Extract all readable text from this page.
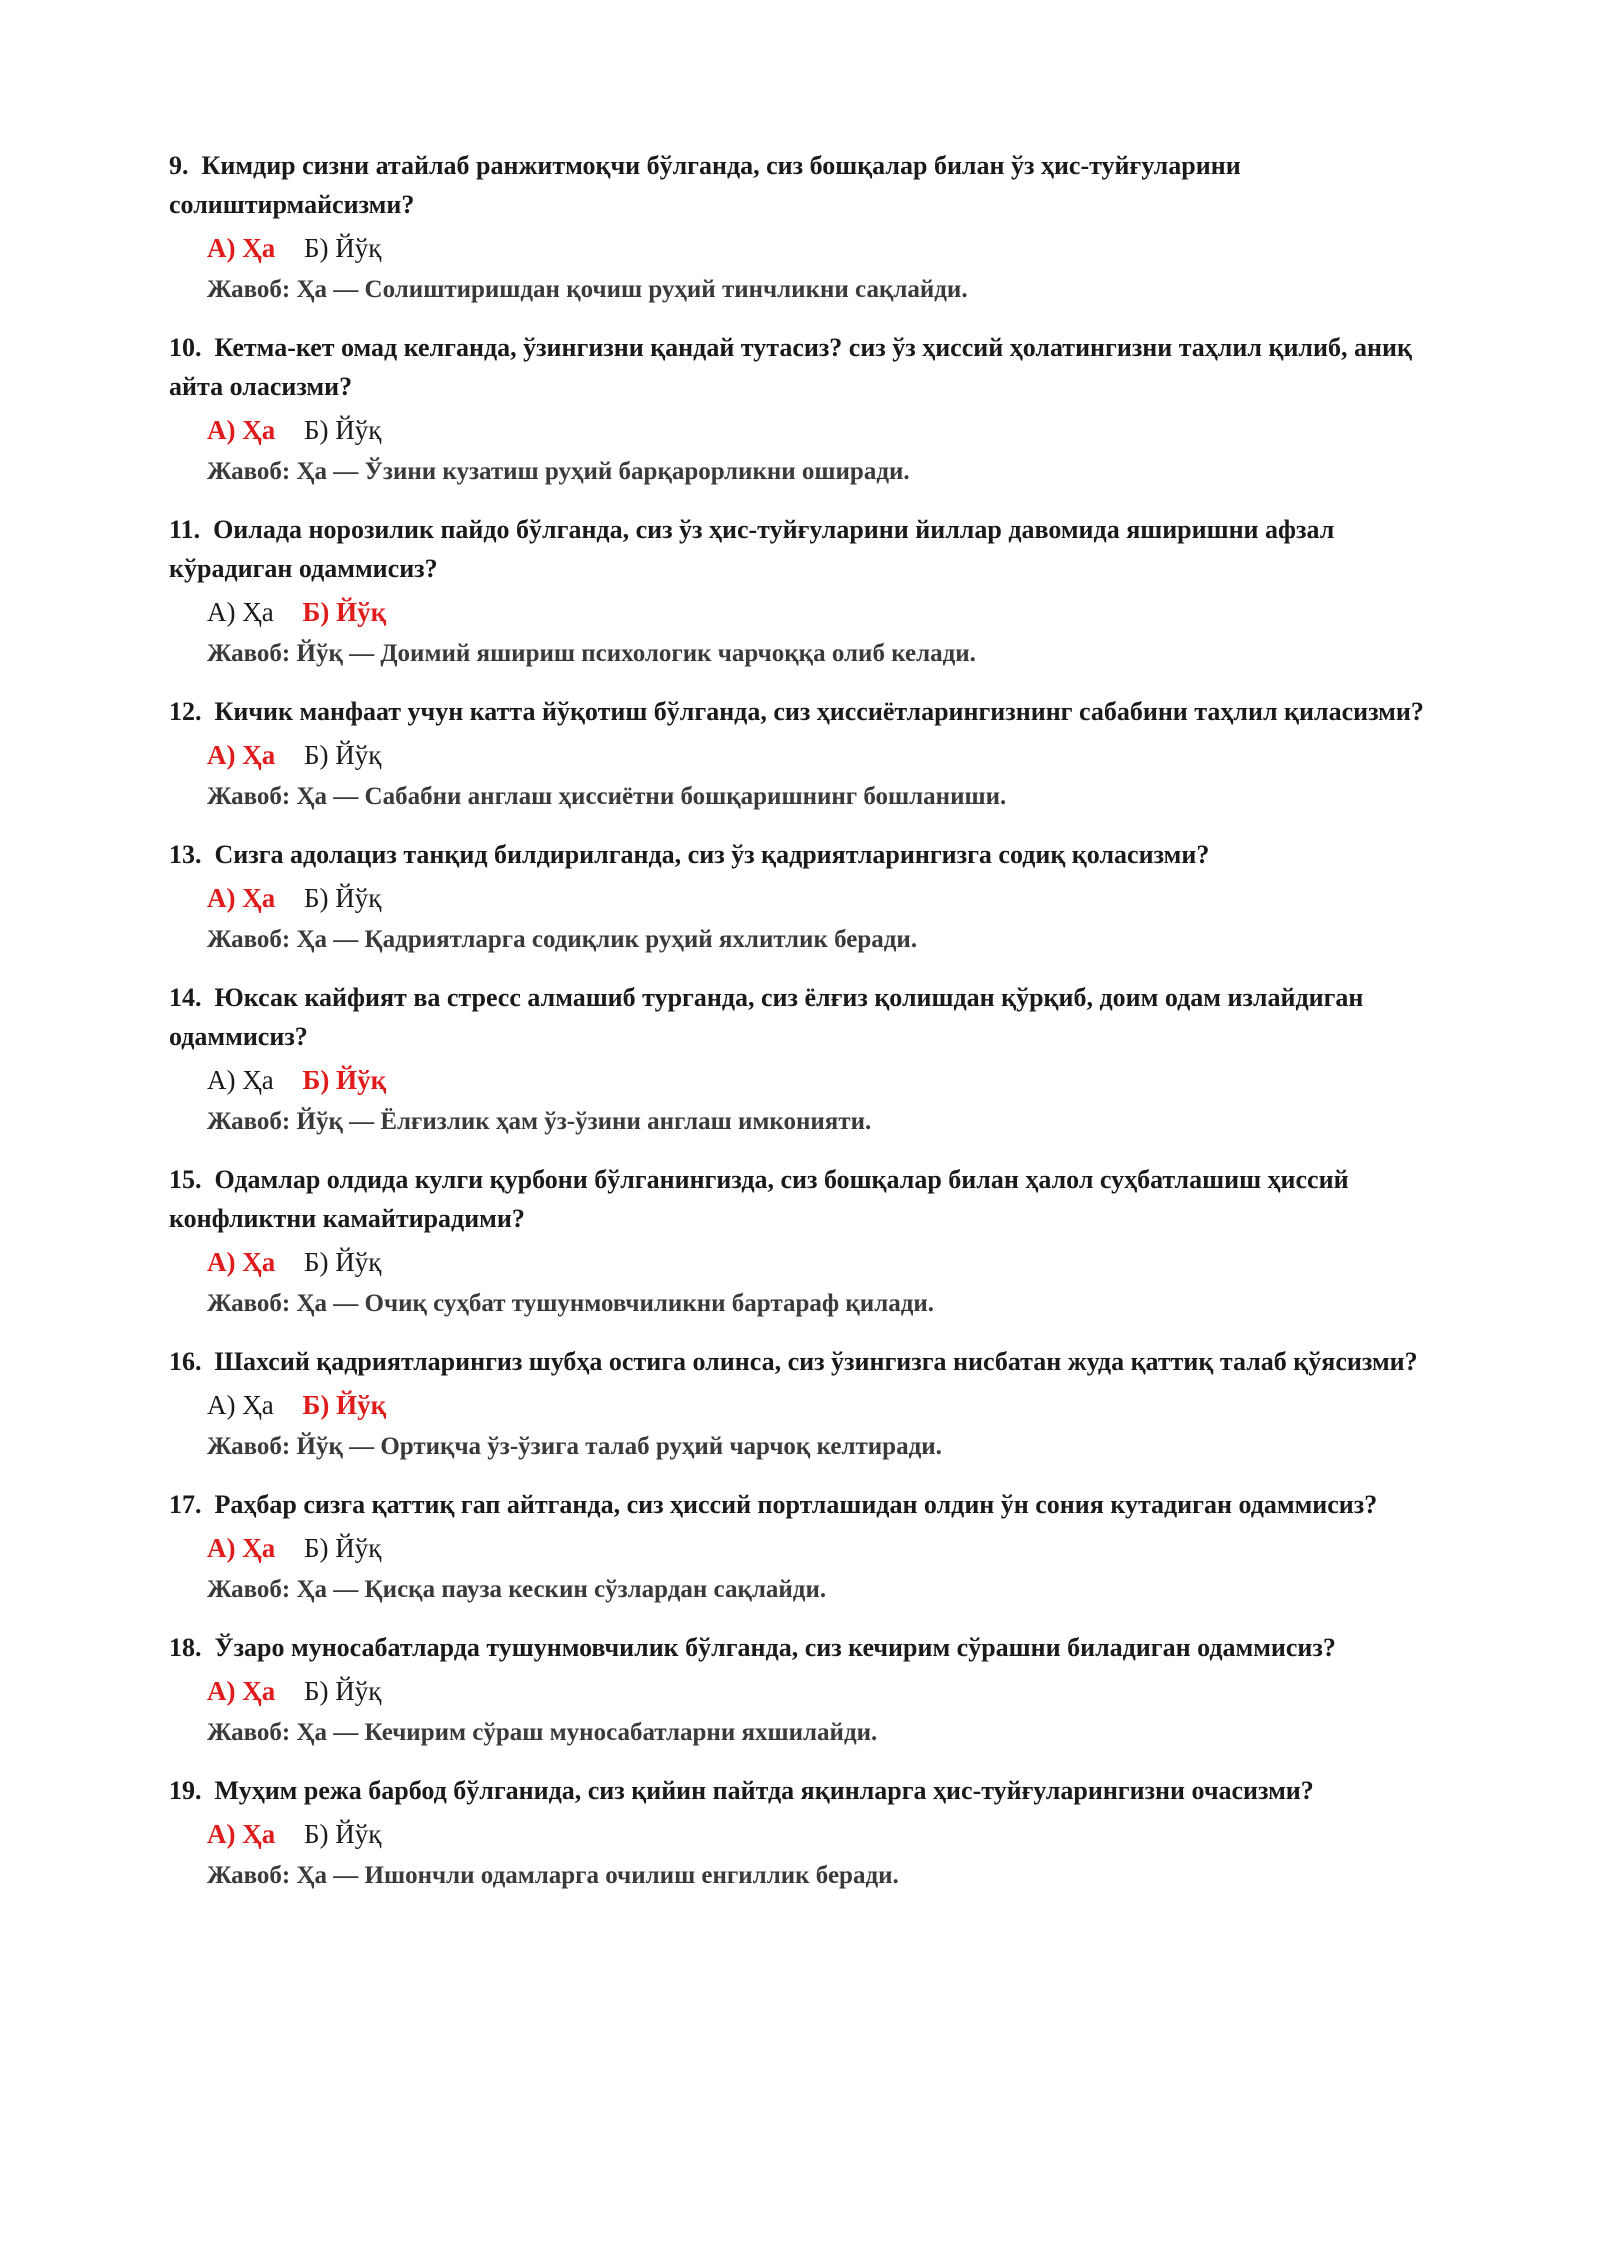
9. Кимдир сизни атайлаб ранжитмоқчи бўлганда, сиз бошқалар билан ўз ҳис-туйғуларини солиштирмайсизми?

А) Ҳа Б) Йўқ
Жавоб: Ҳа — Солиштиришдан қочиш руҳий тинчликни сақлайди.

10. Кетма-кет омад келганда, ўзингизни қандай тутасиз? сиз ўз ҳиссий ҳолатингизни таҳлил қилиб, аниқ айта оласизми?

А) Ҳа Б) Йўқ
Жавоб: Ҳа — Ўзини кузатиш руҳий барқарорликни оширади.

11. Оилада норозилик пайдо бўлганда, сиз ўз ҳис-туйғуларини йиллар давомида яширишни афзал кўрадиган одаммисиз?

А) Ҳа Б) Йўқ
Жавоб: Йўқ — Доимий яшириш психологик чарчоққа олиб келади.

12. Кичик манфаат учун катта йўқотиш бўлганда, сиз ҳиссиётларингизнинг сабабини таҳлил қиласизми?

А) Ҳа Б) Йўқ
Жавоб: Ҳа — Сабабни англаш ҳиссиётни бошқаришнинг бошланиши.

13. Сизга адолациз танқид билдирилганда, сиз ўз қадриятларингизга содиқ қоласизми?

А) Ҳа Б) Йўқ
Жавоб: Ҳа — Қадриятларга содиқлик руҳий яхлитлик беради.

14. Юксак кайфият ва стресс алмашиб турганда, сиз ёлғиз қолишдан қўрқиб, доим одам излайдиган одаммисиз?

А) Ҳа Б) Йўқ
Жавоб: Йўқ — Ёлғизлик ҳам ўз-ўзини англаш имконияти.

15. Одамлар олдида кулги қурбони бўлганингизда, сиз бошқалар билан ҳалол суҳбатлашиш ҳиссий конфликтни камайтирадими?

А) Ҳа Б) Йўқ
Жавоб: Ҳа — Очиқ суҳбат тушунмовчиликни бартараф қилади.

16. Шахсий қадриятларингиз шубҳа остига олинса, сиз ўзингизга нисбатан жуда қаттиқ талаб қўясизми?

А) Ҳа Б) Йўқ
Жавоб: Йўқ — Ортиқча ўз-ўзига талаб руҳий чарчоқ келтиради.

17. Раҳбар сизга қаттиқ гап айтганда, сиз ҳиссий портлашидан олдин ўн сония кутадиган одаммисиз?

А) Ҳа Б) Йўқ
Жавоб: Ҳа — Қисқа пауза кескин сўзлардан сақлайди.

18. Ўзаро муносабатларда тушунмовчилик бўлганда, сиз кечирим сўрашни биладиган одаммисиз?

А) Ҳа Б) Йўқ
Жавоб: Ҳа — Кечирим сўраш муносабатларни яхшилайди.

19. Муҳим режа барбод бўлганида, сиз қийин пайтда яқинларга ҳис-туйғуларингизни очасизми?

А) Ҳа Б) Йўқ
Жавоб: Ҳа — Ишончли одамларга очилиш енгиллик беради.
